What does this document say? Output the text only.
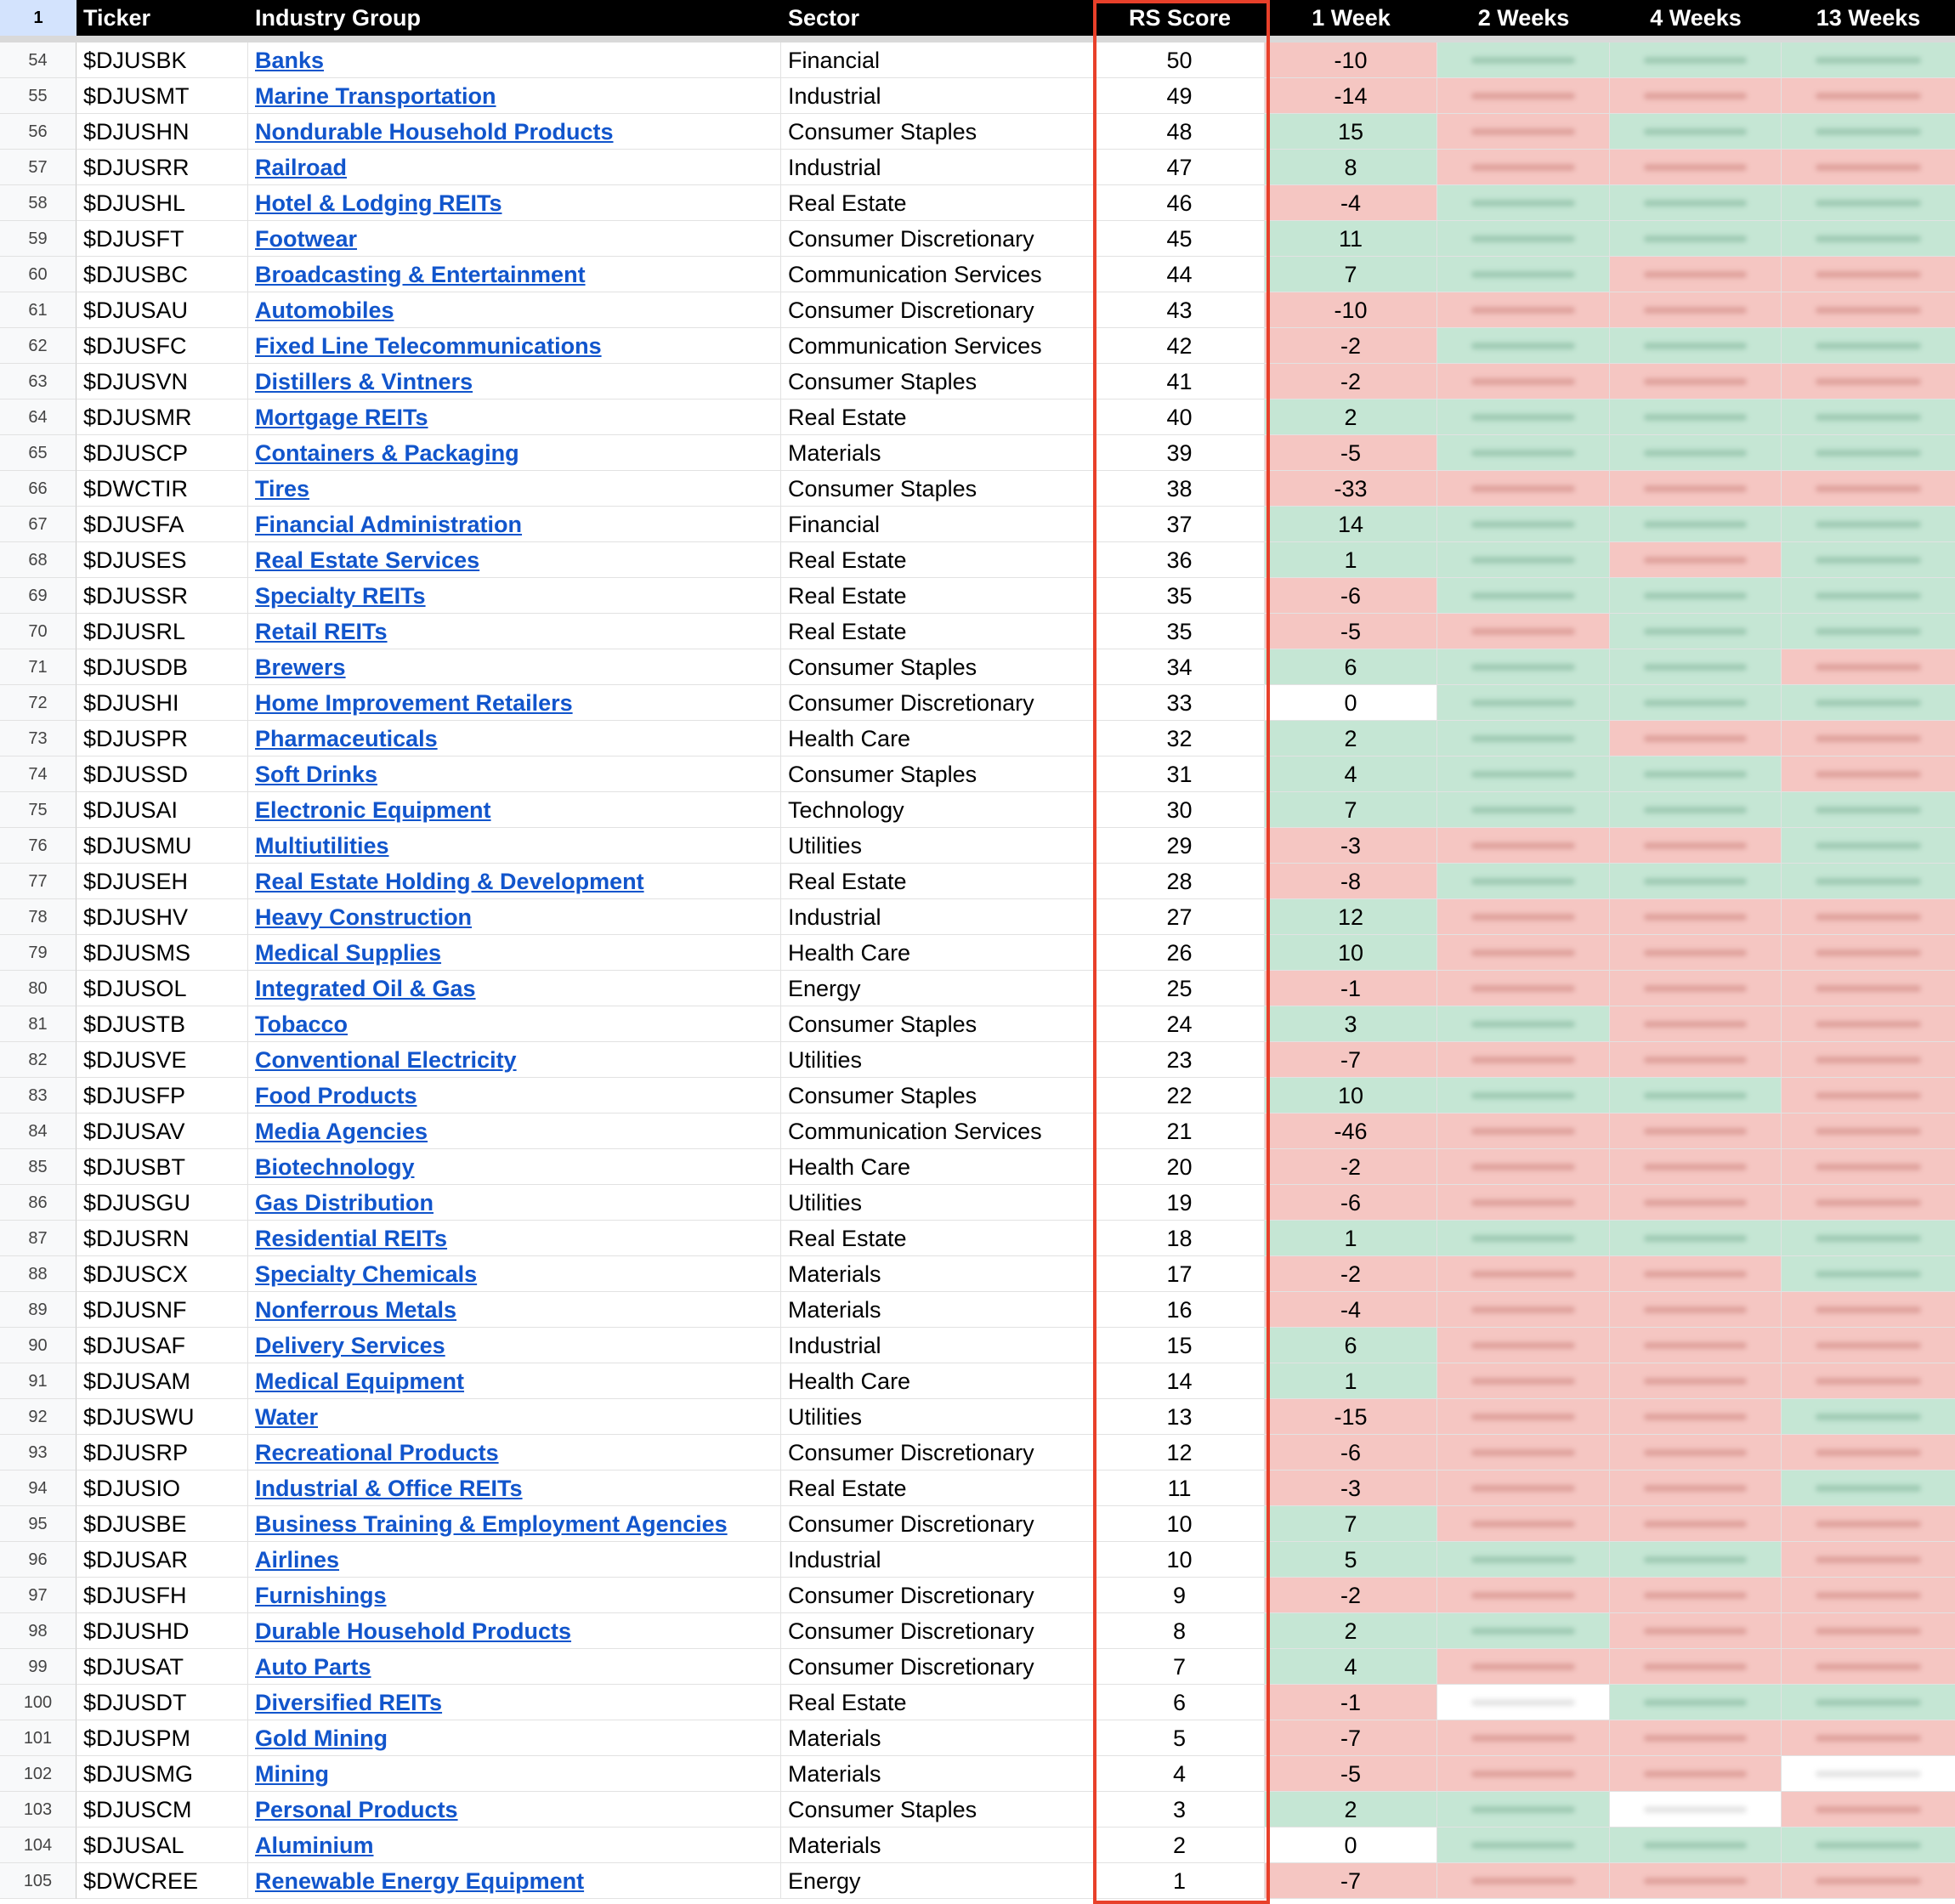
1	Ticker	Industry Group	Sector	RS Score	1 Week	2 Weeks	4 Weeks	13 Weeks
54	$DJUSBK	Banks	Financial	50	-10
55	$DJUSMT	Marine Transportation	Industrial	49	-14
56	$DJUSHN	Nondurable Household Products	Consumer Staples	48	15
57	$DJUSRR	Railroad	Industrial	47	8
58	$DJUSHL	Hotel & Lodging REITs	Real Estate	46	-4
59	$DJUSFT	Footwear	Consumer Discretionary	45	11
60	$DJUSBC	Broadcasting & Entertainment	Communication Services	44	7
61	$DJUSAU	Automobiles	Consumer Discretionary	43	-10
62	$DJUSFC	Fixed Line Telecommunications	Communication Services	42	-2
63	$DJUSVN	Distillers & Vintners	Consumer Staples	41	-2
64	$DJUSMR	Mortgage REITs	Real Estate	40	2
65	$DJUSCP	Containers & Packaging	Materials	39	-5
66	$DWCTIR	Tires	Consumer Staples	38	-33
67	$DJUSFA	Financial Administration	Financial	37	14
68	$DJUSES	Real Estate Services	Real Estate	36	1
69	$DJUSSR	Specialty REITs	Real Estate	35	-6
70	$DJUSRL	Retail REITs	Real Estate	35	-5
71	$DJUSDB	Brewers	Consumer Staples	34	6
72	$DJUSHI	Home Improvement Retailers	Consumer Discretionary	33	0
73	$DJUSPR	Pharmaceuticals	Health Care	32	2
74	$DJUSSD	Soft Drinks	Consumer Staples	31	4
75	$DJUSAI	Electronic Equipment	Technology	30	7
76	$DJUSMU	Multiutilities	Utilities	29	-3
77	$DJUSEH	Real Estate Holding & Development	Real Estate	28	-8
78	$DJUSHV	Heavy Construction	Industrial	27	12
79	$DJUSMS	Medical Supplies	Health Care	26	10
80	$DJUSOL	Integrated Oil & Gas	Energy	25	-1
81	$DJUSTB	Tobacco	Consumer Staples	24	3
82	$DJUSVE	Conventional Electricity	Utilities	23	-7
83	$DJUSFP	Food Products	Consumer Staples	22	10
84	$DJUSAV	Media Agencies	Communication Services	21	-46
85	$DJUSBT	Biotechnology	Health Care	20	-2
86	$DJUSGU	Gas Distribution	Utilities	19	-6
87	$DJUSRN	Residential REITs	Real Estate	18	1
88	$DJUSCX	Specialty Chemicals	Materials	17	-2
89	$DJUSNF	Nonferrous Metals	Materials	16	-4
90	$DJUSAF	Delivery Services	Industrial	15	6
91	$DJUSAM	Medical Equipment	Health Care	14	1
92	$DJUSWU	Water	Utilities	13	-15
93	$DJUSRP	Recreational Products	Consumer Discretionary	12	-6
94	$DJUSIO	Industrial & Office REITs	Real Estate	11	-3
95	$DJUSBE	Business Training & Employment Agencies	Consumer Discretionary	10	7
96	$DJUSAR	Airlines	Industrial	10	5
97	$DJUSFH	Furnishings	Consumer Discretionary	9	-2
98	$DJUSHD	Durable Household Products	Consumer Discretionary	8	2
99	$DJUSAT	Auto Parts	Consumer Discretionary	7	4
100	$DJUSDT	Diversified REITs	Real Estate	6	-1
101	$DJUSPM	Gold Mining	Materials	5	-7
102	$DJUSMG	Mining	Materials	4	-5
103	$DJUSCM	Personal Products	Consumer Staples	3	2
104	$DJUSAL	Aluminium	Materials	2	0
105	$DWCREE	Renewable Energy Equipment	Energy	1	-7
